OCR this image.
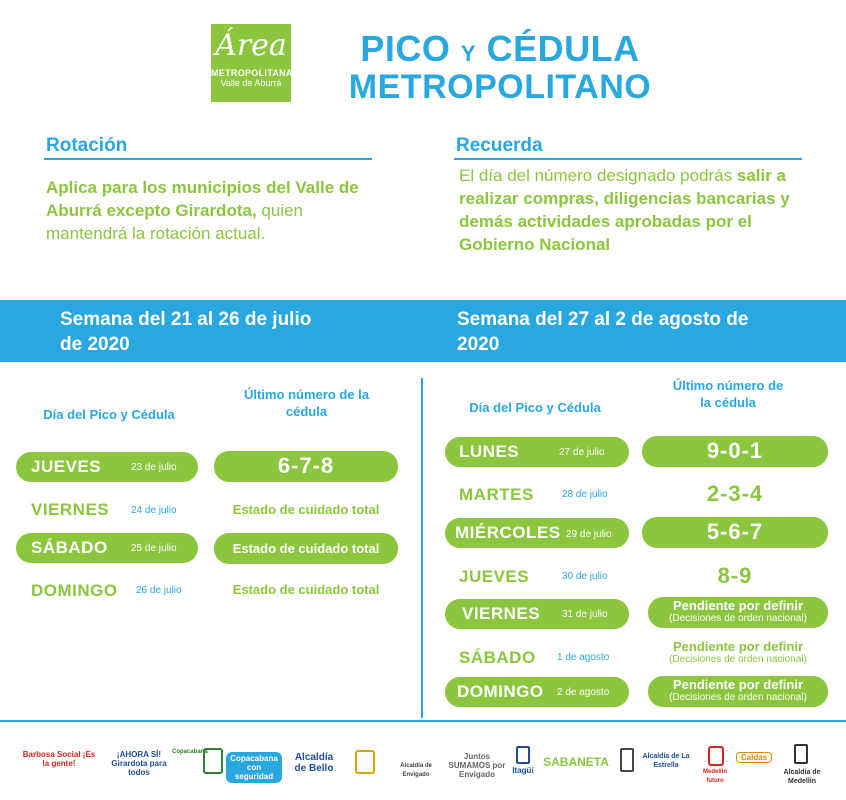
Área
METROPOLITANA
Valle de Aburrá
PICO Y CÉDULA
METROPOLITANO
Rotación
Aplica para los municipios del Valle de Aburrá excepto Girardota, quien mantendrá la rotación actual.
Recuerda
El día del número designado podrás salir a realizar compras, diligencias bancarias y demás actividades aprobadas por el Gobierno Nacional
Semana del 21 al 26 de julio de 2020
Semana del 27 al 2 de agosto de 2020
Día del Pico y Cédula
Último número de la cédula
JUEVES	23 de julio	6-7-8
VIERNES 24 de julio	Estado de cuidado total
SÁBADO 25 de julio	Estado de cuidado total
DOMINGO 26 de julio	Estado de cuidado total
Día del Pico y Cédula
Último número de la cédula
LUNES	27 de julio	9-0-1
MARTES	28 de julio	2-3-4
MIÉRCOLES 29 de julio	5-6-7
JUEVES	30 de julio	8-9
VIERNES 31 de julio
Pendiente por definir
(Decisiones de orden nacional)
SÁBADO 1 de agosto
Pendiente por definir
(Decisiones de orden nacional)
DOMINGO 2 de agosto
Pendiente por definir
(Decisiones de orden nacional)
Barbosa Social ¡Es la gente!
¡AHORA SÍ! Girardota para todos
Copacabana
Copacabana con seguridad
Alcaldía de Bello	Alcaldía de Envigado
Juntos SUMAMOS por Envigado	Itagüí
SABANETA	Alcaldía de La Estrella
Medellín futuro
Caldas
Alcaldía de Medellín
